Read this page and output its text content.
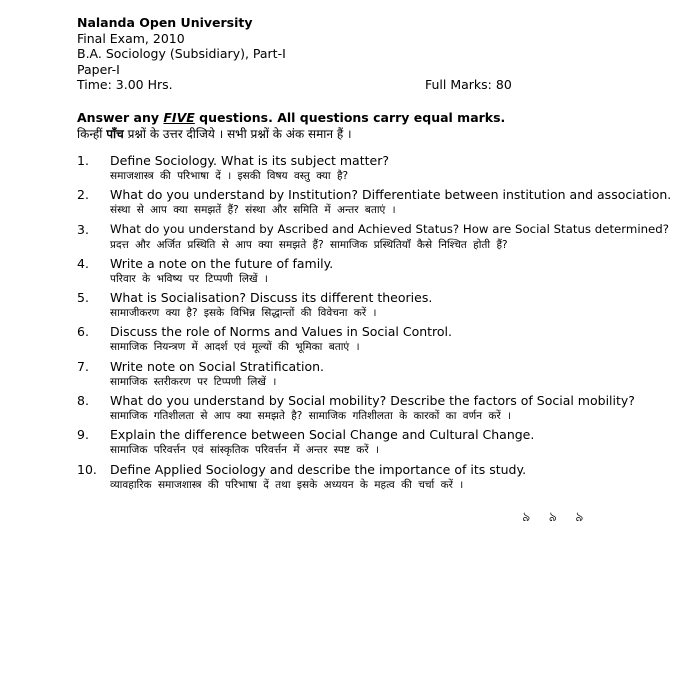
Nalanda Open University
Final Exam, 2010
B.A. Sociology (Subsidiary), Part-I
Paper-I
Time: 3.00 Hrs.	Full Marks: 80
Answer any FIVE questions. All questions carry equal marks.
किन्हीं पाँच प्रश्नों के उत्तर दीजिये । सभी प्रश्नों के अंक समान हैं ।
1. Define Sociology. What is its subject matter?
समाजशास्त्र की परिभाषा दें । इसकी विषय वस्तु क्या है?
2. What do you understand by Institution? Differentiate between institution and association.
संस्था से आप क्या समझतें हैं? संस्था और समिति में अन्तर बताएं ।
3. What do you understand by Ascribed and Achieved Status? How are Social Status determined?
प्रदत्त और अर्जित प्रस्थिति से आप क्या समझते हैं? सामाजिक प्रस्थितियाँ कैसे निश्चित होती हैं?
4. Write a note on the future of family.
परिवार के भविष्य पर टिप्पणी लिखें ।
5. What is Socialisation? Discuss its different theories.
सामाजीकरण क्या है? इसके विभिन्न सिद्धान्तों की विवेचना करें ।
6. Discuss the role of Norms and Values in Social Control.
सामाजिक नियन्त्रण में आदर्श एवं मूल्यों की भूमिका बताएं ।
7. Write note on Social Stratification.
सामाजिक स्तरीकरण पर टिप्पणी लिखें ।
8. What do you understand by Social mobility? Describe the factors of Social mobility?
सामाजिक गतिशीलता से आप क्या समझते है? सामाजिक गतिशीलता के कारकों का वर्णन करें ।
9. Explain the difference between Social Change and Cultural Change.
सामाजिक परिवर्त्तन एवं सांस्कृतिक परिवर्त्तन में अन्तर स्पष्ट करें ।
10. Define Applied Sociology and describe the importance of its study.
व्यावहारिक समाजशास्त्र की परिभाषा दें तथा इसके अध्ययन के महत्व की चर्चा करें ।
৯ ৯ ৯
